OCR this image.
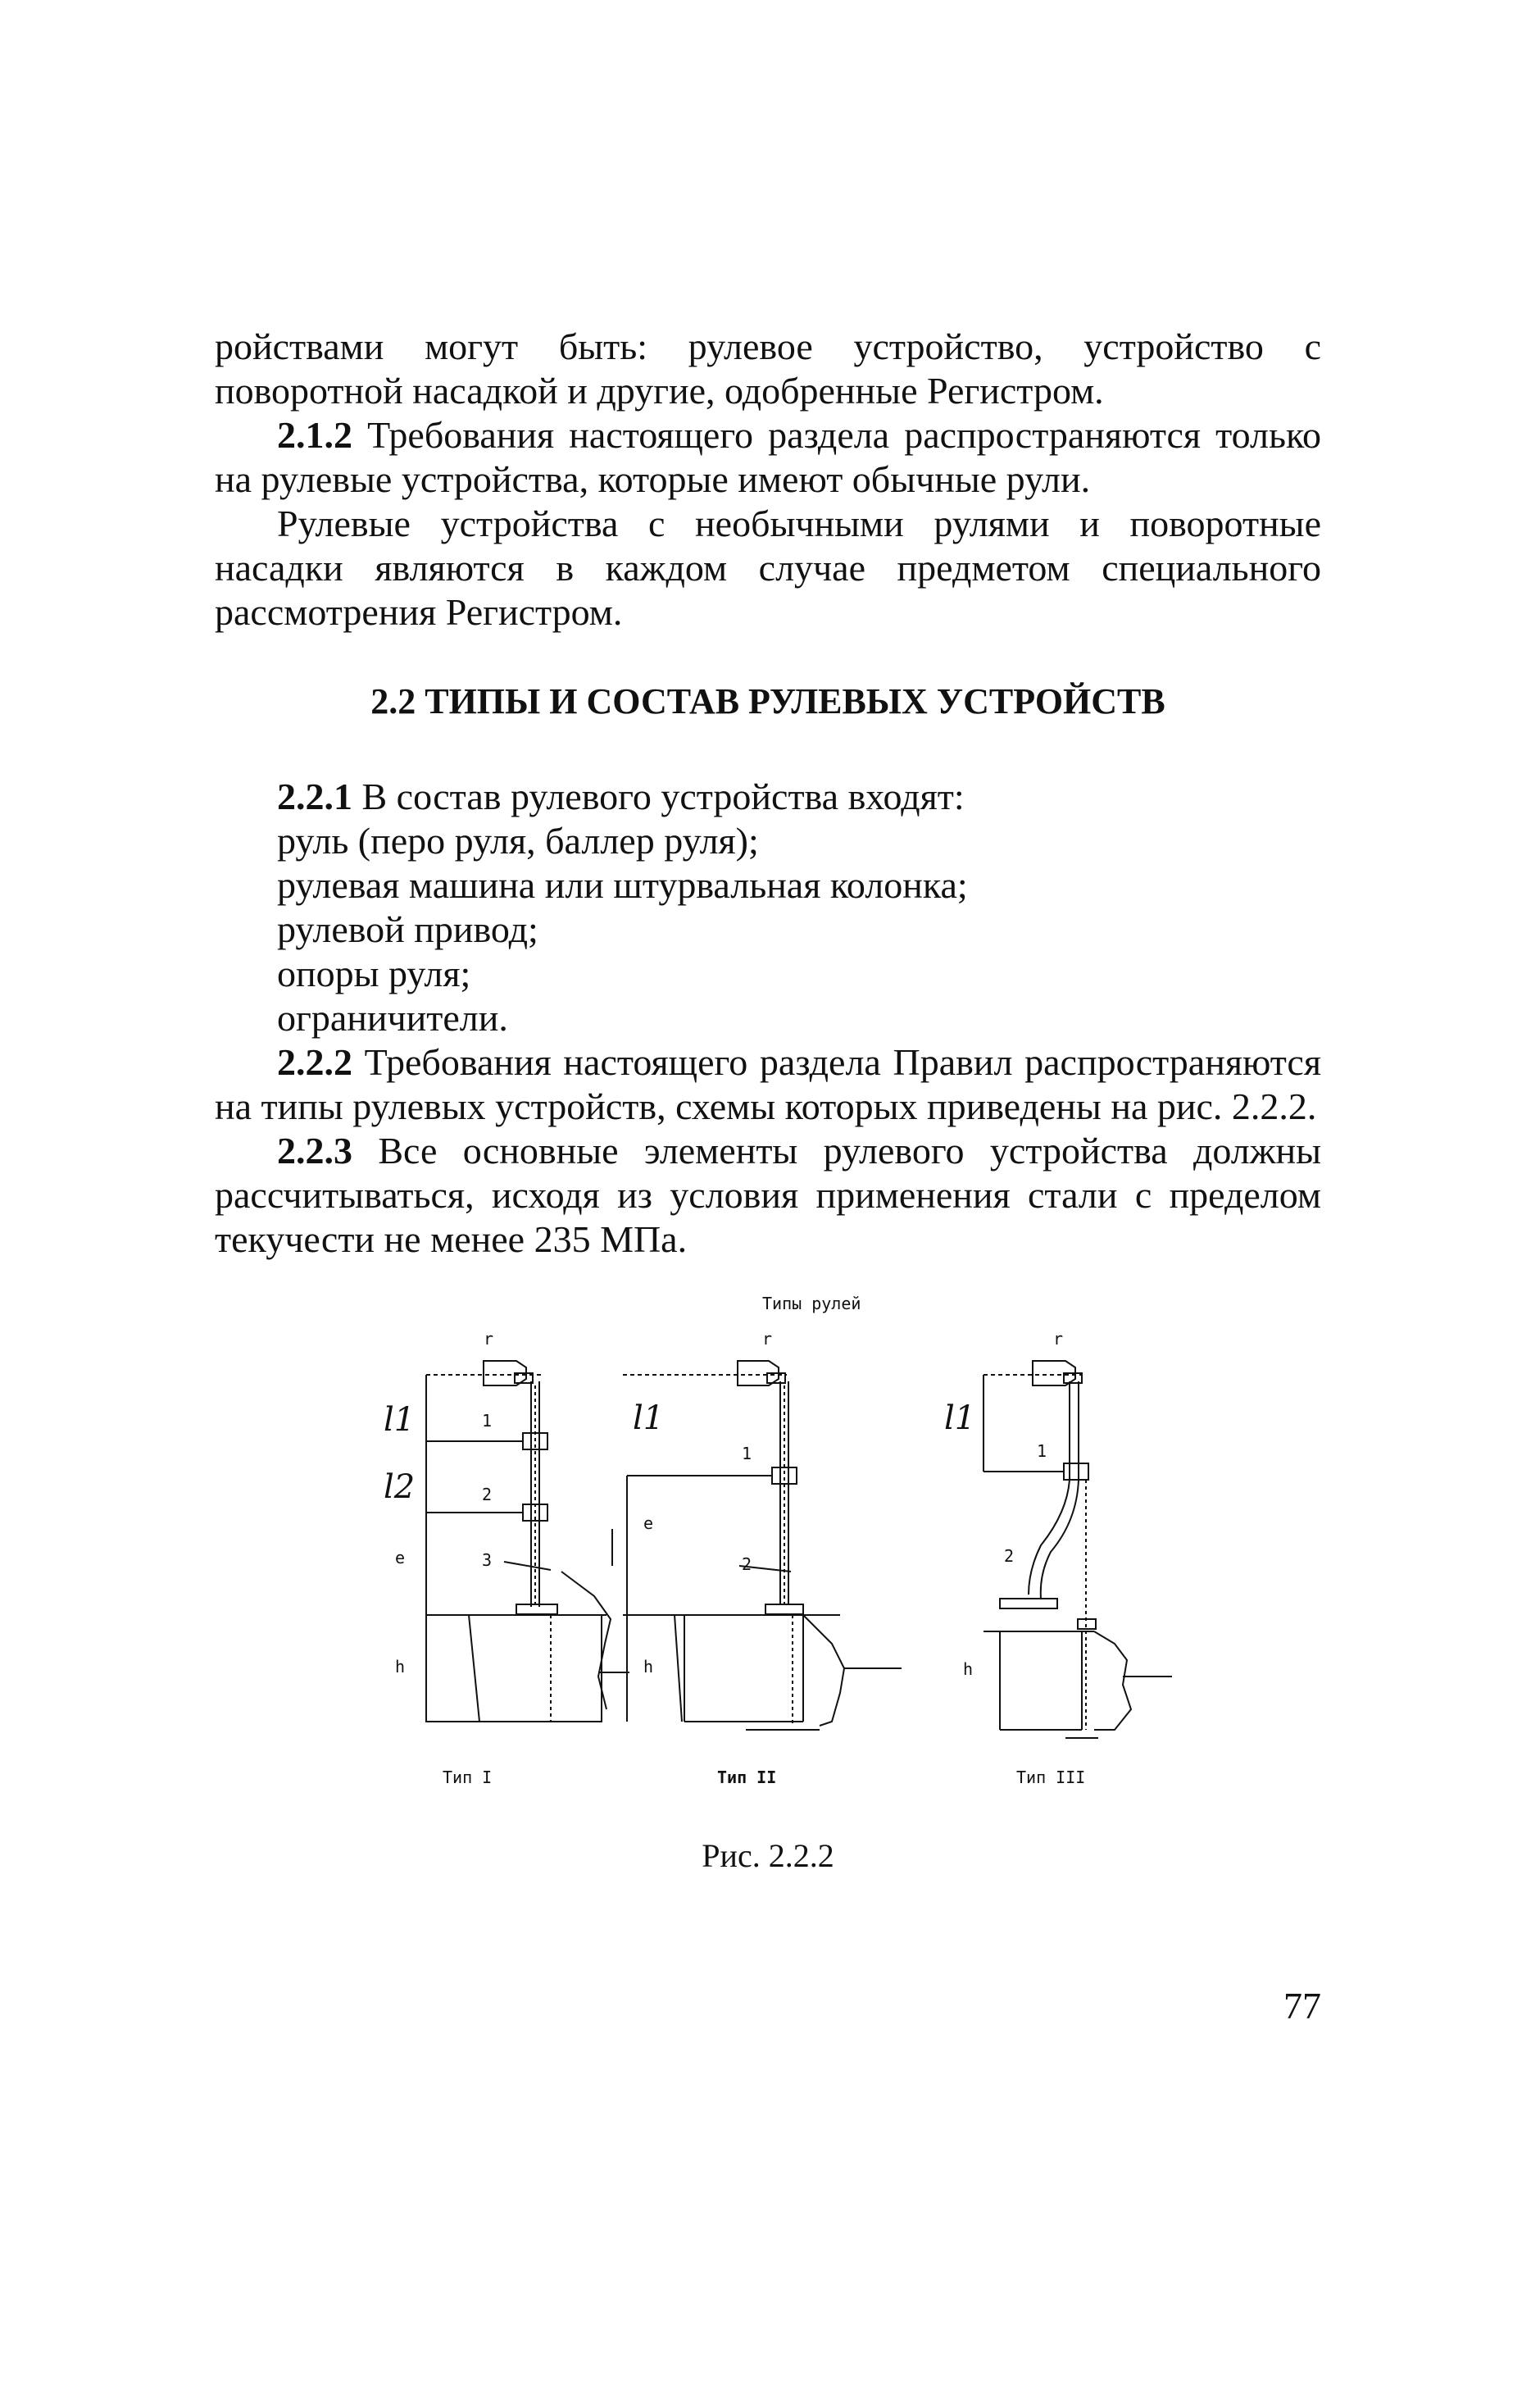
ройствами могут быть: рулевое устройство, устройство с поворотной насадкой и другие, одобренные Регистром.

2.1.2 Требования настоящего раздела распространяются только на рулевые устройства, которые имеют обычные рули.

Рулевые устройства с необычными рулями и поворотные насадки являются в каждом случае предметом специального рассмотрения Регистром.

2.2 ТИПЫ И СОСТАВ РУЛЕВЫХ УСТРОЙСТВ

2.2.1 В состав рулевого устройства входят:

руль (перо руля, баллер руля);

рулевая машина или штурвальная колонка;

рулевой привод;

опоры руля;

ограничители.

2.2.2 Требования настоящего раздела Правил распространяются на типы рулевых устройств, схемы которых приведены на рис. 2.2.2.

2.2.3 Все основные элементы рулевого устройства должны рассчитываться, исходя из условия применения стали с пределом текучести не менее 235 МПа.

Типы рулей
r	r	r
l1
l2
l1	l1
1
2
3
1
2
1
2
e
e
h	h	h
Тип I	Тип II	Тип III

Рис. 2.2.2

77
